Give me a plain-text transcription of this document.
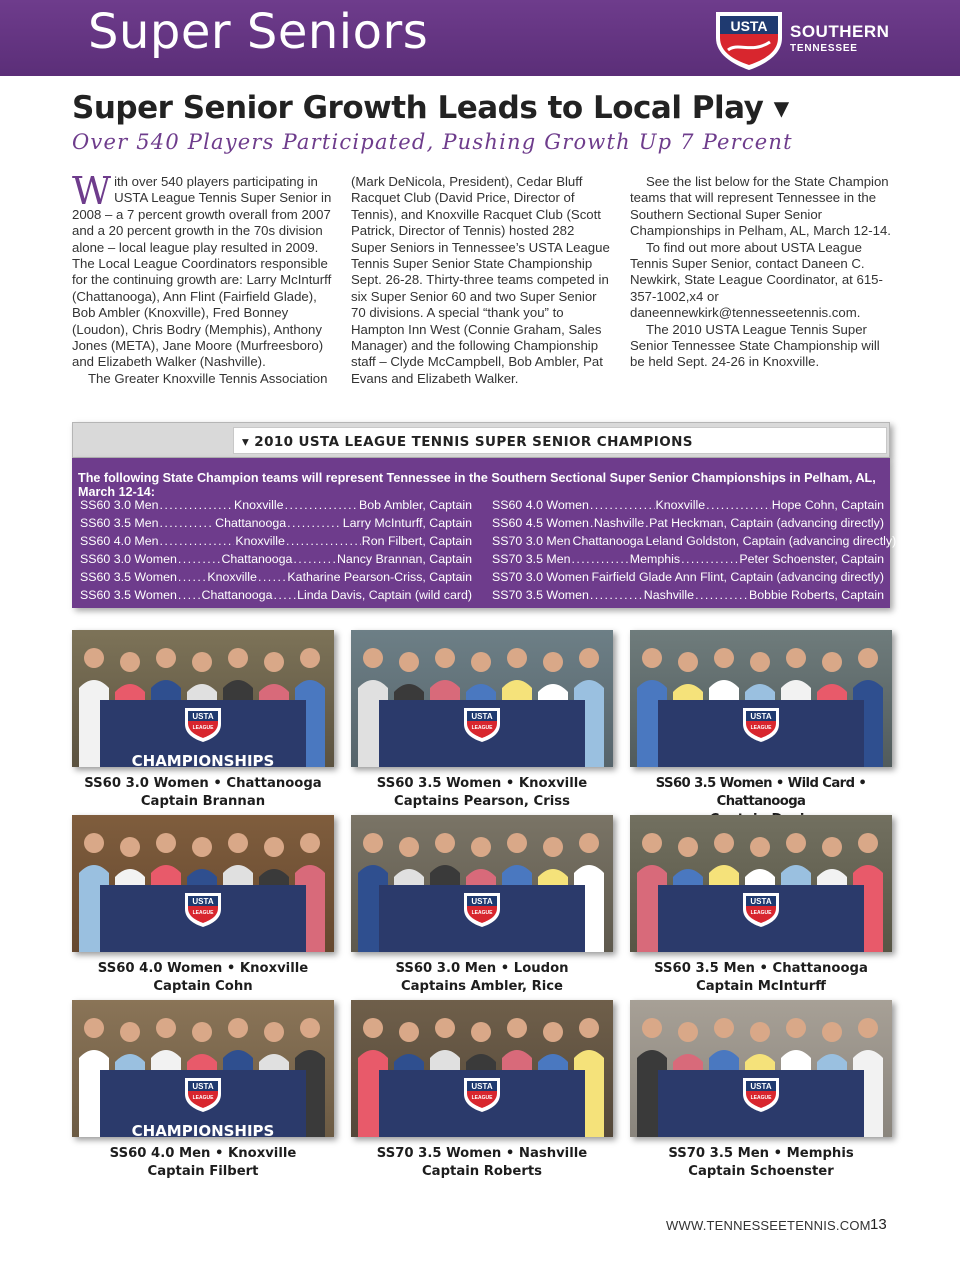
Super Seniors	USTA SOUTHERN
TENNESSEE
Super Senior Growth Leads to Local Play ▾
Over 540 Players Participated, Pushing Growth Up 7 Percent

With over 540 players participating in USTA League Tennis Super Senior in 2008 – a 7 percent growth overall from 2007 and a 20 percent growth in the 70s division alone – local league play resulted in 2009. The Local League Coordinators responsible for the continuing growth are: Larry McInturff (Chattanooga), Ann Flint (Fairfield Glade), Bob Ambler (Knoxville), Fred Bonney (Loudon), Chris Bodry (Memphis), Anthony Jones (META), Jane Moore (Murfreesboro) and Elizabeth Walker (Nashville).

The Greater Knoxville Tennis Association

(Mark DeNicola, President), Cedar Bluff Racquet Club (David Price, Director of Tennis), and Knoxville Racquet Club (Scott Patrick, Director of Tennis) hosted 282 Super Seniors in Tennessee’s USTA League Tennis Super Senior State Championship Sept. 26-28. Thirty-three teams competed in six Super Senior 60 and two Super Senior 70 divisions. A special “thank you” to Hampton Inn West (Connie Graham, Sales Manager) and the following Championship staff – Clyde McCampbell, Bob Ambler, Pat Evans and Elizabeth Walker.

See the list below for the State Champion teams that will represent Tennessee in the Southern Sectional Super Senior Championships in Pelham, AL, March 12-14.

To find out more about USTA League Tennis Super Senior, contact Daneen C. Newkirk, State League Coordinator, at 615-357-1002,x4 or daneennewkirk@tennesseetennis.com.

The 2010 USTA League Tennis Super Senior Tennessee State Championship will be held Sept. 24-26 in Knoxville.

▾ 2010 USTA LEAGUE TENNIS SUPER SENIOR CHAMPIONS
The following State Champion teams will represent Tennessee in the Southern Sectional Super Senior Championships in Pelham, AL, March 12-14:
SS60 3.0 Men . . .	Knoxville . . .	Bob Ambler, Captain
SS60 3.5 Men . . .	Chattanooga . . .	Larry McInturff, Captain
SS60 4.0 Men . . .	Knoxville . . .	Ron Filbert, Captain
SS60 3.0 Women . . .	Chattanooga . . .	Nancy Brannan, Captain
SS60 3.5 Women . . . Knoxville . . . Katharine Pearson-Criss, Captain
SS60 3.5 Women . . . Chattanooga . . . Linda Davis, Captain (wild card)
SS60 4.0 Women . . .	Knoxville . . .	Hope Cohn, Captain
SS60 4.5 Women . . . Nashville . . . Pat Heckman, Captain (advancing directly)
SS70 3.0 Men Chattanooga Leland Goldston, Captain (advancing directly)
SS70 3.5 Men . . .	Memphis . . .	Peter Schoenster, Captain
SS70 3.0 Women . . . Fairfield Glade . . . Ann Flint, Captain (advancing directly)
SS70 3.5 Women . . .	Nashville . . .	Bobbie Roberts, Captain
USTA
LEAGUE
CHAMPIONSHIPS
SS60 3.0 Women • Chattanooga
Captain Brannan
USTA
LEAGUE
SS60 3.5 Women • Knoxville
Captains Pearson, Criss
USTA
LEAGUE
SS60 3.5 Women • Wild Card • Chattanooga
USTA
LEAGUE
SS60 4.0 Women • Knoxville
Captain Cohn
USTA
LEAGUE
SS60 3.0 Men • Loudon
Captains Ambler, Rice
USTA
LEAGUE
SS60 3.5 Men • Chattanooga
Captain McInturff
USTA
LEAGUE
CHAMPIONSHIPS
SS60 4.0 Men • Knoxville
Captain Filbert
USTA
LEAGUE
SS70 3.5 Women • Nashville
Captain Roberts
USTA
LEAGUE
SS70 3.5 Men • Memphis
Captain Schoenster
WWW.TENNESSEETENNIS.COM 13
